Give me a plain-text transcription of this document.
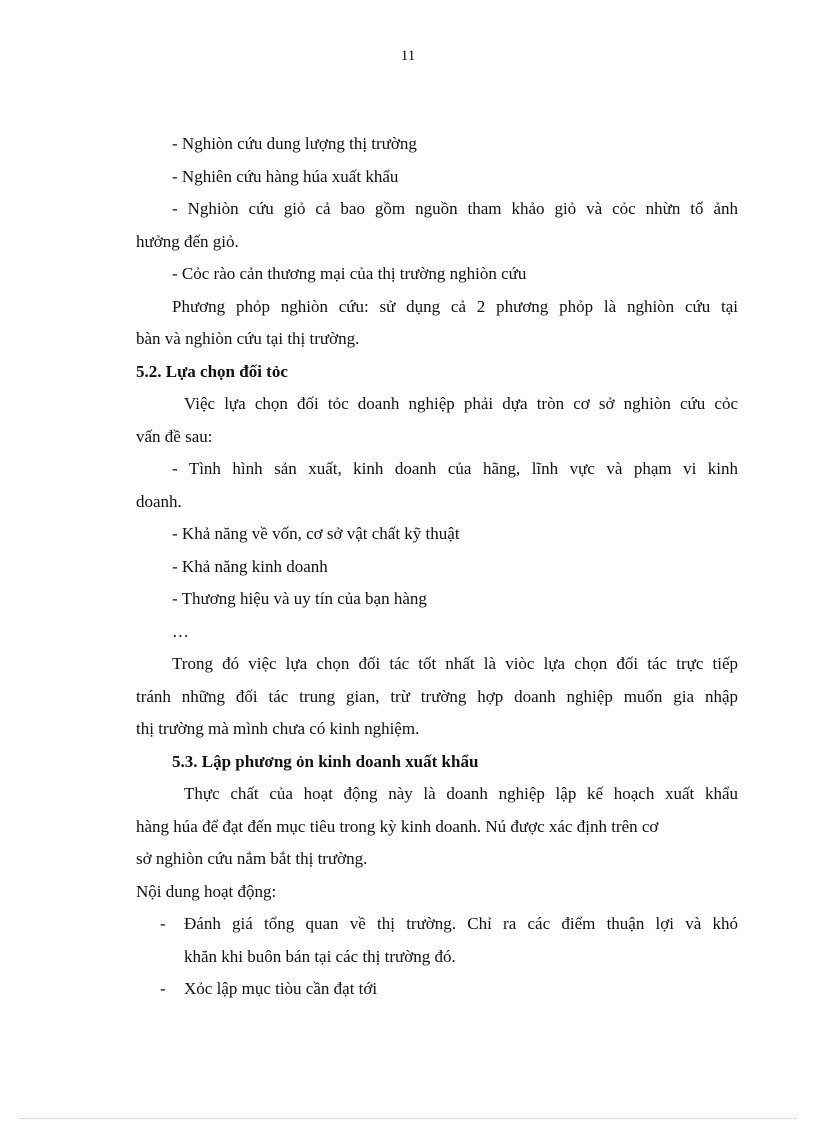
11
- Nghiòn cứu dung lượng thị trường
- Nghiên cứu hàng húa xuất khẩu
- Nghiòn cứu giỏ cả bao gồm nguồn tham khảo giỏ và cỏc nhừn tố ảnh
hưởng đến giỏ.
- Cỏc rào cản thương mại của thị trường nghiòn cứu
Phương phỏp nghiòn cứu: sử dụng cả 2 phương phỏp là nghiòn cứu tại
bàn và nghiòn cứu tại thị trường.
5.2. Lựa chọn đối tỏc
Việc lựa chọn đối tỏc doanh nghiệp phải dựa tròn cơ sở nghiòn cứu cỏc
vấn đề sau:
- Tình hình sản xuất, kinh doanh của hãng, lĩnh vực và phạm vi kinh
doanh.
- Khả năng về vốn, cơ sở vật chất kỹ thuật
- Khả năng kinh doanh
- Thương hiệu và uy tín của bạn hàng
…
Trong đó việc lựa chọn đối tác tốt nhất là viòc lựa chọn đối tác trực tiếp
tránh những đối tác trung gian, trừ trường hợp doanh nghiệp muốn gia nhập
thị trường mà mình chưa có kinh nghiệm.
5.3. Lập phương ỏn kinh doanh xuất khẩu
Thực chất của hoạt động này là doanh nghiệp lập kế hoạch xuất khẩu
hàng húa để đạt đến mục tiêu trong kỳ kinh doanh. Nú được xác định trên cơ
sở nghiòn cứu nắm bắt thị trường.
Nội dung hoạt động:
- Đánh giá tổng quan về thị trường. Chỉ ra các điểm thuận lợi và khó
khăn khi buôn bán tại các thị trường đó.
- Xỏc lập mục tiòu cần đạt tới
